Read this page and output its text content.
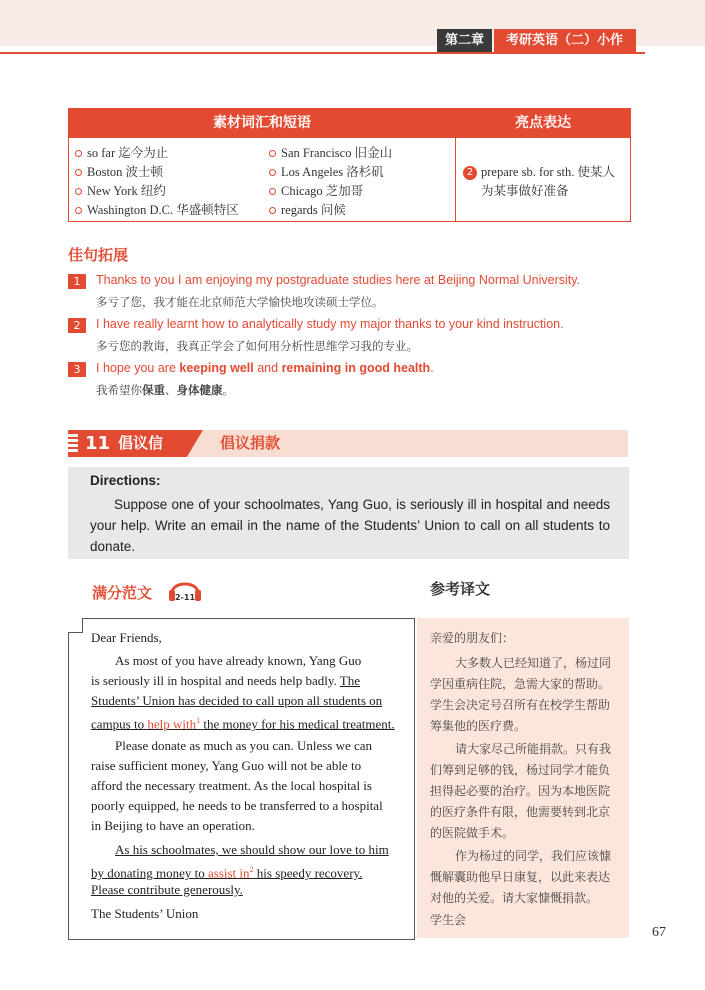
第二章	考研英语（二）小作文
素材词汇和短语	亮点表达
so far 迄今为止
Boston 波士顿
New York 纽约
Washington D.C. 华盛顿特区
San Francisco 旧金山
Los Angeles 洛杉矶
Chicago 芝加哥
regards 问候
2 prepare sb. for sth. 使某人
为某事做好准备
佳句拓展
1	Thanks to you I am enjoying my postgraduate studies here at Beijing Normal University.
多亏了您，我才能在北京师范大学愉快地攻读硕士学位。
2	I have really learnt how to analytically study my major thanks to your kind instruction.
多亏您的教诲，我真正学会了如何用分析性思维学习我的专业。
3	I hope you are keeping well and remaining in good health.
我希望你保重、身体健康。
11 倡议信	倡议捐款
Directions:
Suppose one of your schoolmates, Yang Guo, is seriously ill in hospital and needs your help. Write an email in the name of the Students’ Union to call on all students to donate.
满分范文	2-11	参考译文
Dear Friends,
As most of you have already known, Yang Guo
is seriously ill in hospital and needs help badly. The
Students’ Union has decided to call upon all students on
campus to help with$^1$ the money for his medical treatment.
Please donate as much as you can. Unless we can
raise sufficient money, Yang Guo will not be able to
afford the necessary treatment. As the local hospital is
poorly equipped, he needs to be transferred to a hospital
in Beijing to have an operation.
As his schoolmates, we should show our love to him
by donating money to assist $in^2$ his speedy recovery.
Please contribute generously.
The Students’ Union
亲爱的朋友们：
大多数人已经知道了，杨过同
学因重病住院，急需大家的帮助。
学生会决定号召所有在校学生帮助
筹集他的医疗费。
请大家尽己所能捐款。只有我
们筹到足够的钱，杨过同学才能负
担得起必要的治疗。因为本地医院
的医疗条件有限，他需要转到北京
的医院做手术。
作为杨过的同学，我们应该慷
慨解囊助他早日康复，以此来表达
对他的关爱。请大家慷慨捐款。
学生会
67
